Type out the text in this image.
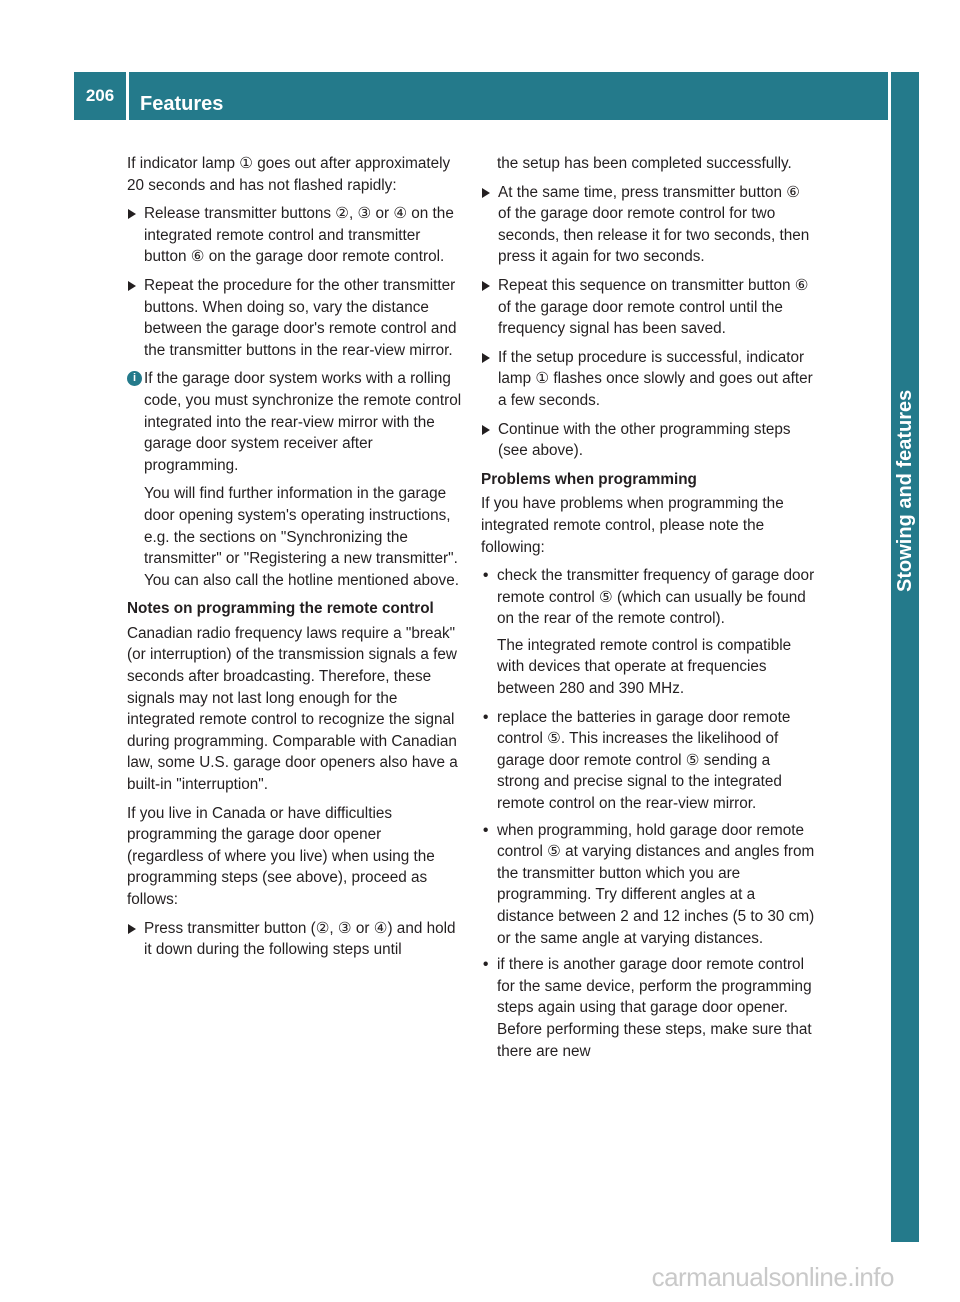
206	Features
Stowing and features

If indicator lamp ① goes out after approximately 20 seconds and has not flashed rapidly:

Release transmitter buttons ②, ③ or ④ on the integrated remote control and transmitter button ⑥ on the garage door remote control.
Repeat the procedure for the other transmitter buttons. When doing so, vary the distance between the garage door's remote control and the transmitter buttons in the rear-view mirror.
i If the garage door system works with a rolling code, you must synchronize the remote control integrated into the rear-view mirror with the garage door system receiver after programming.

You will find further information in the garage door opening system's operating instructions, e.g. the sections on "Synchronizing the transmitter" or "Registering a new transmitter". You can also call the hotline mentioned above.

Notes on programming the remote control

Canadian radio frequency laws require a "break" (or interruption) of the transmission signals a few seconds after broadcasting. Therefore, these signals may not last long enough for the integrated remote control to recognize the signal during programming. Comparable with Canadian law, some U.S. garage door openers also have a built-in "interruption".

If you live in Canada or have difficulties programming the garage door opener (regardless of where you live) when using the programming steps (see above), proceed as follows:

Press transmitter button (②, ③ or ④) and hold it down during the following steps until

the setup has been completed successfully.

At the same time, press transmitter button ⑥ of the garage door remote control for two seconds, then release it for two seconds, then press it again for two seconds.
Repeat this sequence on transmitter button ⑥ of the garage door remote control until the frequency signal has been saved.
If the setup procedure is successful, indicator lamp ① flashes once slowly and goes out after a few seconds.
Continue with the other programming steps (see above).
Problems when programming

If you have problems when programming the integrated remote control, please note the following:

• check the transmitter frequency of garage door remote control ⑤ (which can usually be found on the rear of the remote control).

The integrated remote control is compatible with devices that operate at frequencies between 280 and 390 MHz.

• replace the batteries in garage door remote control ⑤. This increases the likelihood of garage door remote control ⑤ sending a strong and precise signal to the integrated remote control on the rear-view mirror.
• when programming, hold garage door remote control ⑤ at varying distances and angles from the transmitter button which you are programming. Try different angles at a distance between 2 and 12 inches (5 to 30 cm) or the same angle at varying distances.
• if there is another garage door remote control for the same device, perform the programming steps again using that garage door opener. Before performing these steps, make sure that there are new
carmanualsonline.info
